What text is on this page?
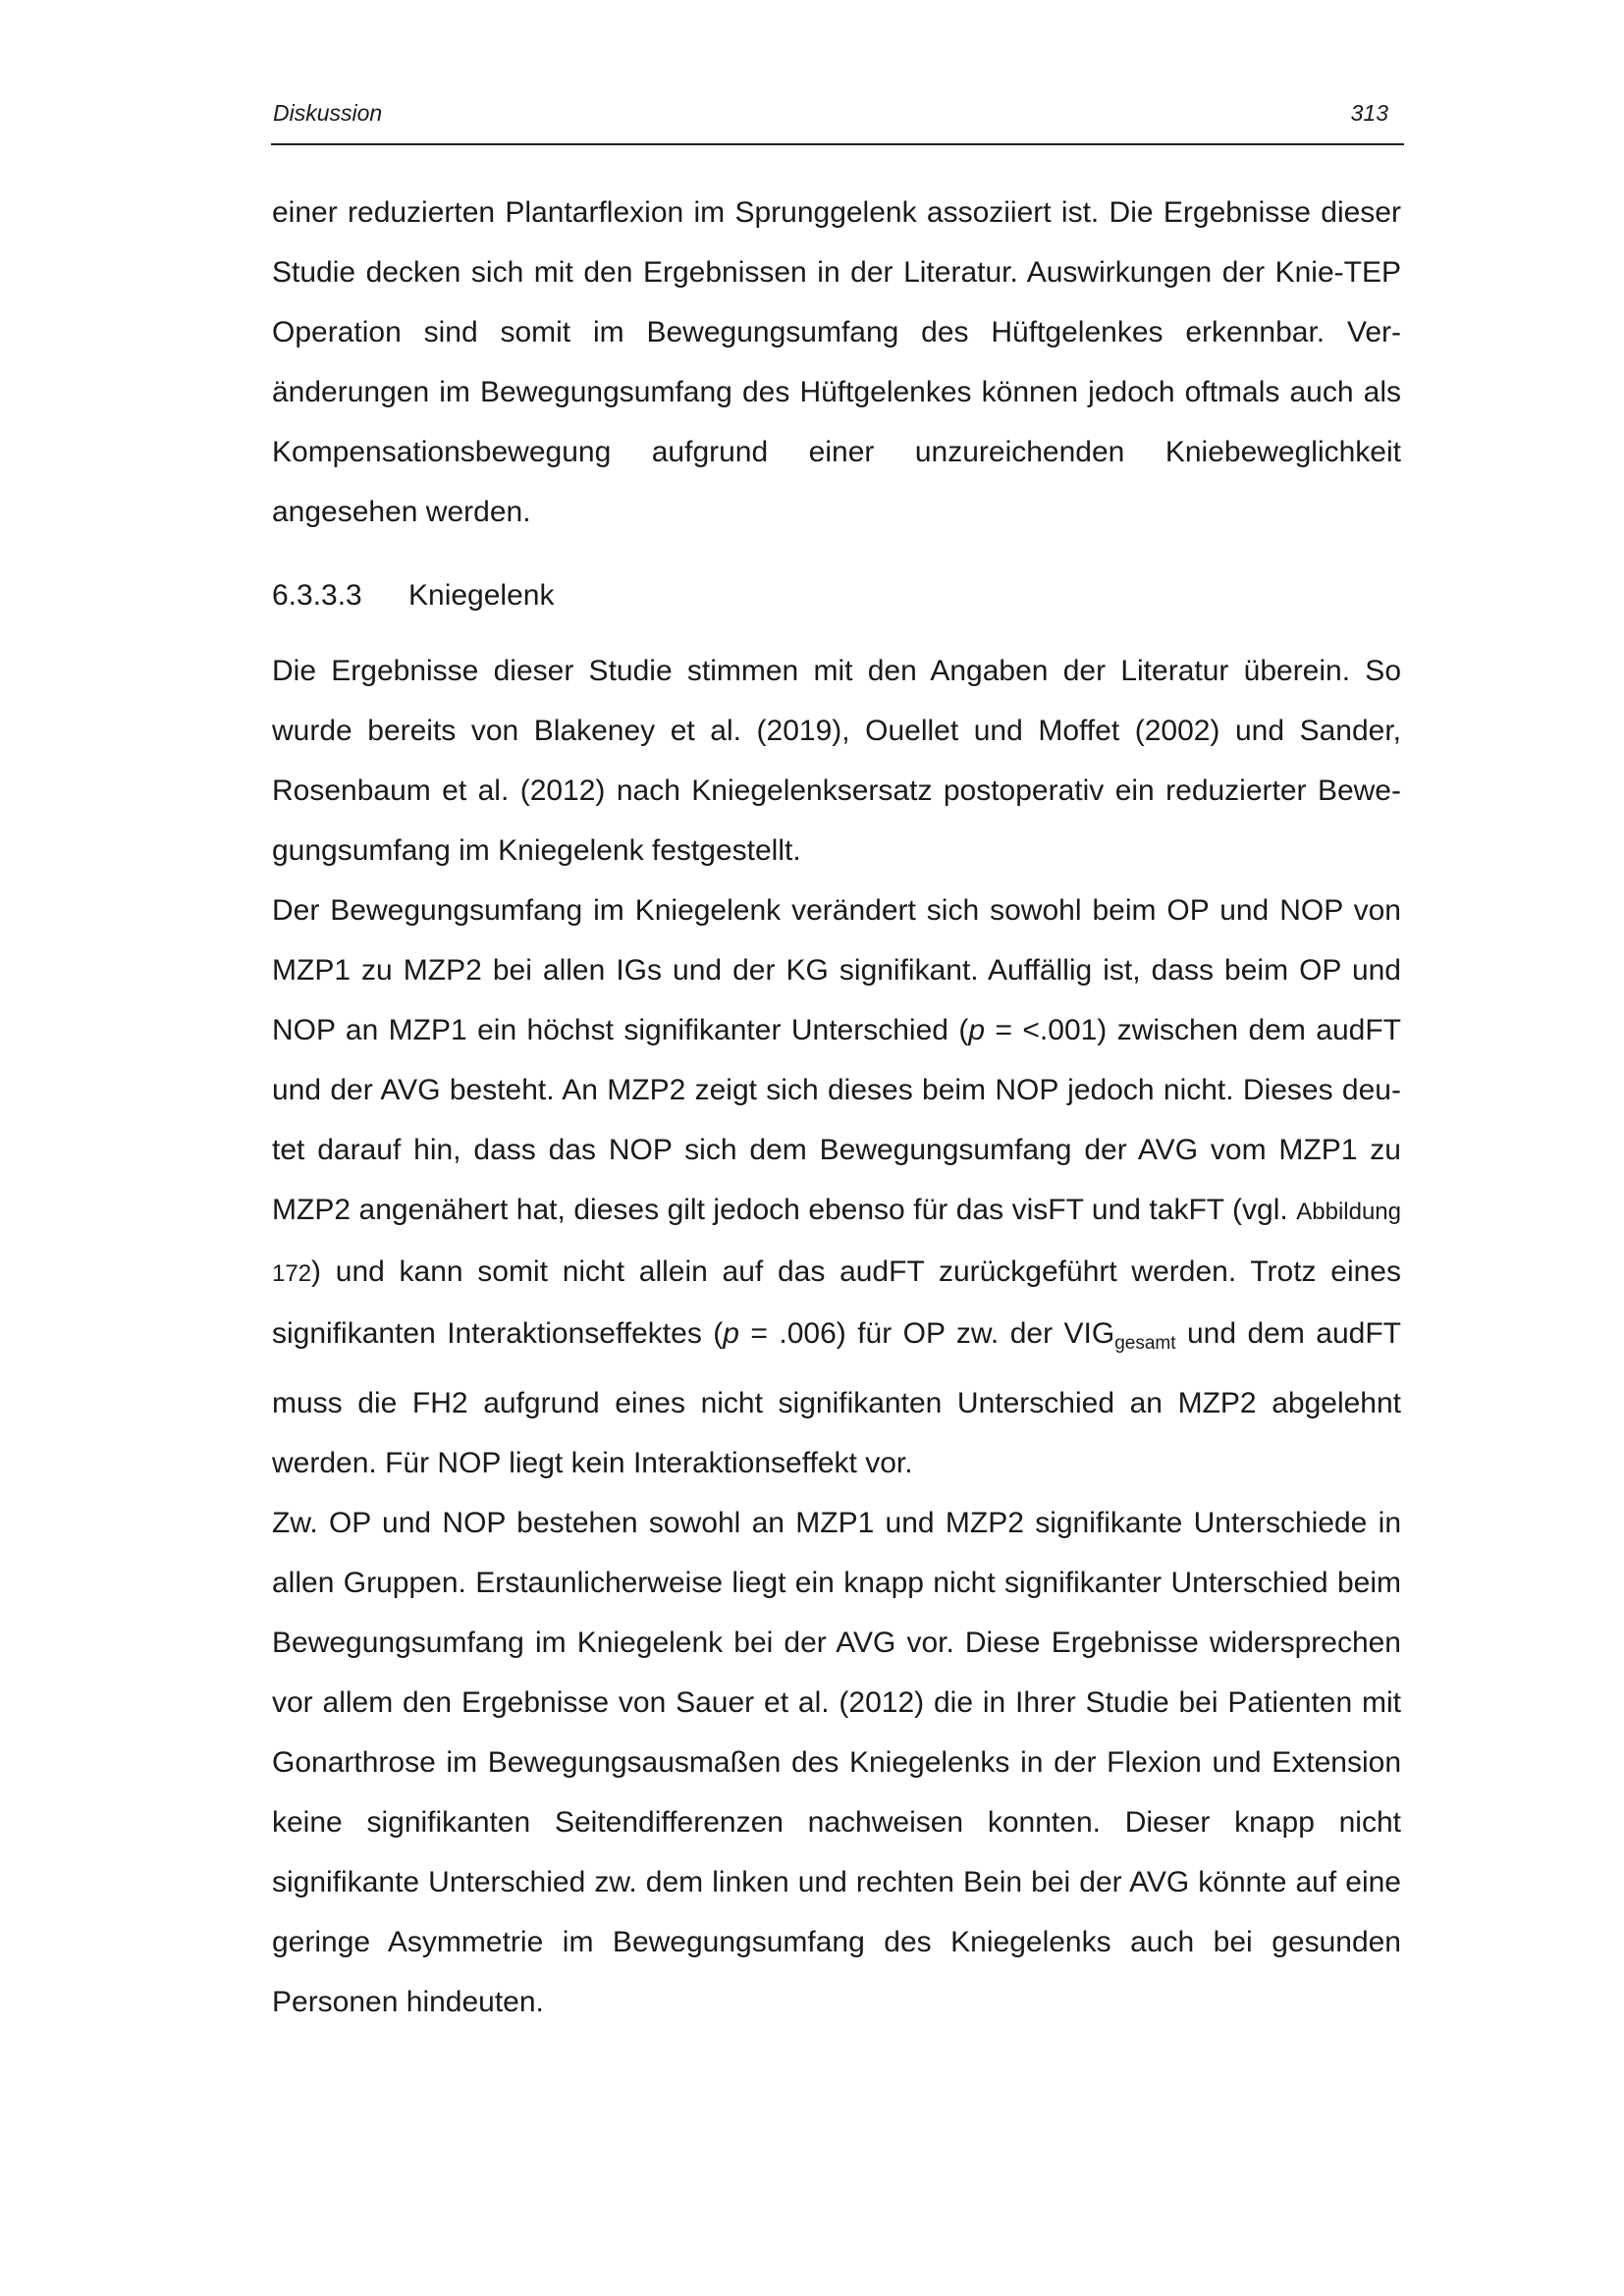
Diskussion	313

einer reduzierten Plantarflexion im Sprunggelenk assoziiert ist. Die Ergebnisse dieser Studie decken sich mit den Ergebnissen in der Literatur. Auswirkungen der Knie-TEP Operation sind somit im Bewegungsumfang des Hüftgelenkes erkennbar. Veränderungen im Bewegungsumfang des Hüftgelenkes können jedoch oftmals auch als Kompensationsbewegung aufgrund einer unzureichenden Kniebeweglichkeit angesehen werden.

6.3.3.3	Kniegelenk

Die Ergebnisse dieser Studie stimmen mit den Angaben der Literatur überein. So wurde bereits von Blakeney et al. (2019), Ouellet und Moffet (2002) und Sander, Rosenbaum et al. (2012) nach Kniegelenksersatz postoperativ ein reduzierter Bewegungsumfang im Kniegelenk festgestellt.

Der Bewegungsumfang im Kniegelenk verändert sich sowohl beim OP und NOP von MZP1 zu MZP2 bei allen IGs und der KG signifikant. Auffällig ist, dass beim OP und NOP an MZP1 ein höchst signifikanter Unterschied (p = <.001) zwischen dem audFT und der AVG besteht. An MZP2 zeigt sich dieses beim NOP jedoch nicht. Dieses deutet darauf hin, dass das NOP sich dem Bewegungsumfang der AVG vom MZP1 zu MZP2 angenähert hat, dieses gilt jedoch ebenso für das visFT und takFT (vgl. Abbildung 172) und kann somit nicht allein auf das audFT zurückgeführt werden. Trotz eines signifikanten Interaktionseffektes (p = .006) für OP zw. der $VIG_{gesamt}$ und dem audFT muss die FH2 aufgrund eines nicht signifikanten Unterschied an MZP2 abgelehnt werden. Für NOP liegt kein Interaktionseffekt vor.

Zw. OP und NOP bestehen sowohl an MZP1 und MZP2 signifikante Unterschiede in allen Gruppen. Erstaunlicherweise liegt ein knapp nicht signifikanter Unterschied beim Bewegungsumfang im Kniegelenk bei der AVG vor. Diese Ergebnisse widersprechen vor allem den Ergebnisse von Sauer et al. (2012) die in Ihrer Studie bei Patienten mit Gonarthrose im Bewegungsausmaßen des Kniegelenks in der Flexion und Extension keine signifikanten Seitendifferenzen nachweisen konnten. Dieser knapp nicht signifikante Unterschied zw. dem linken und rechten Bein bei der AVG könnte auf eine geringe Asymmetrie im Bewegungsumfang des Kniegelenks auch bei gesunden Personen hindeuten.
